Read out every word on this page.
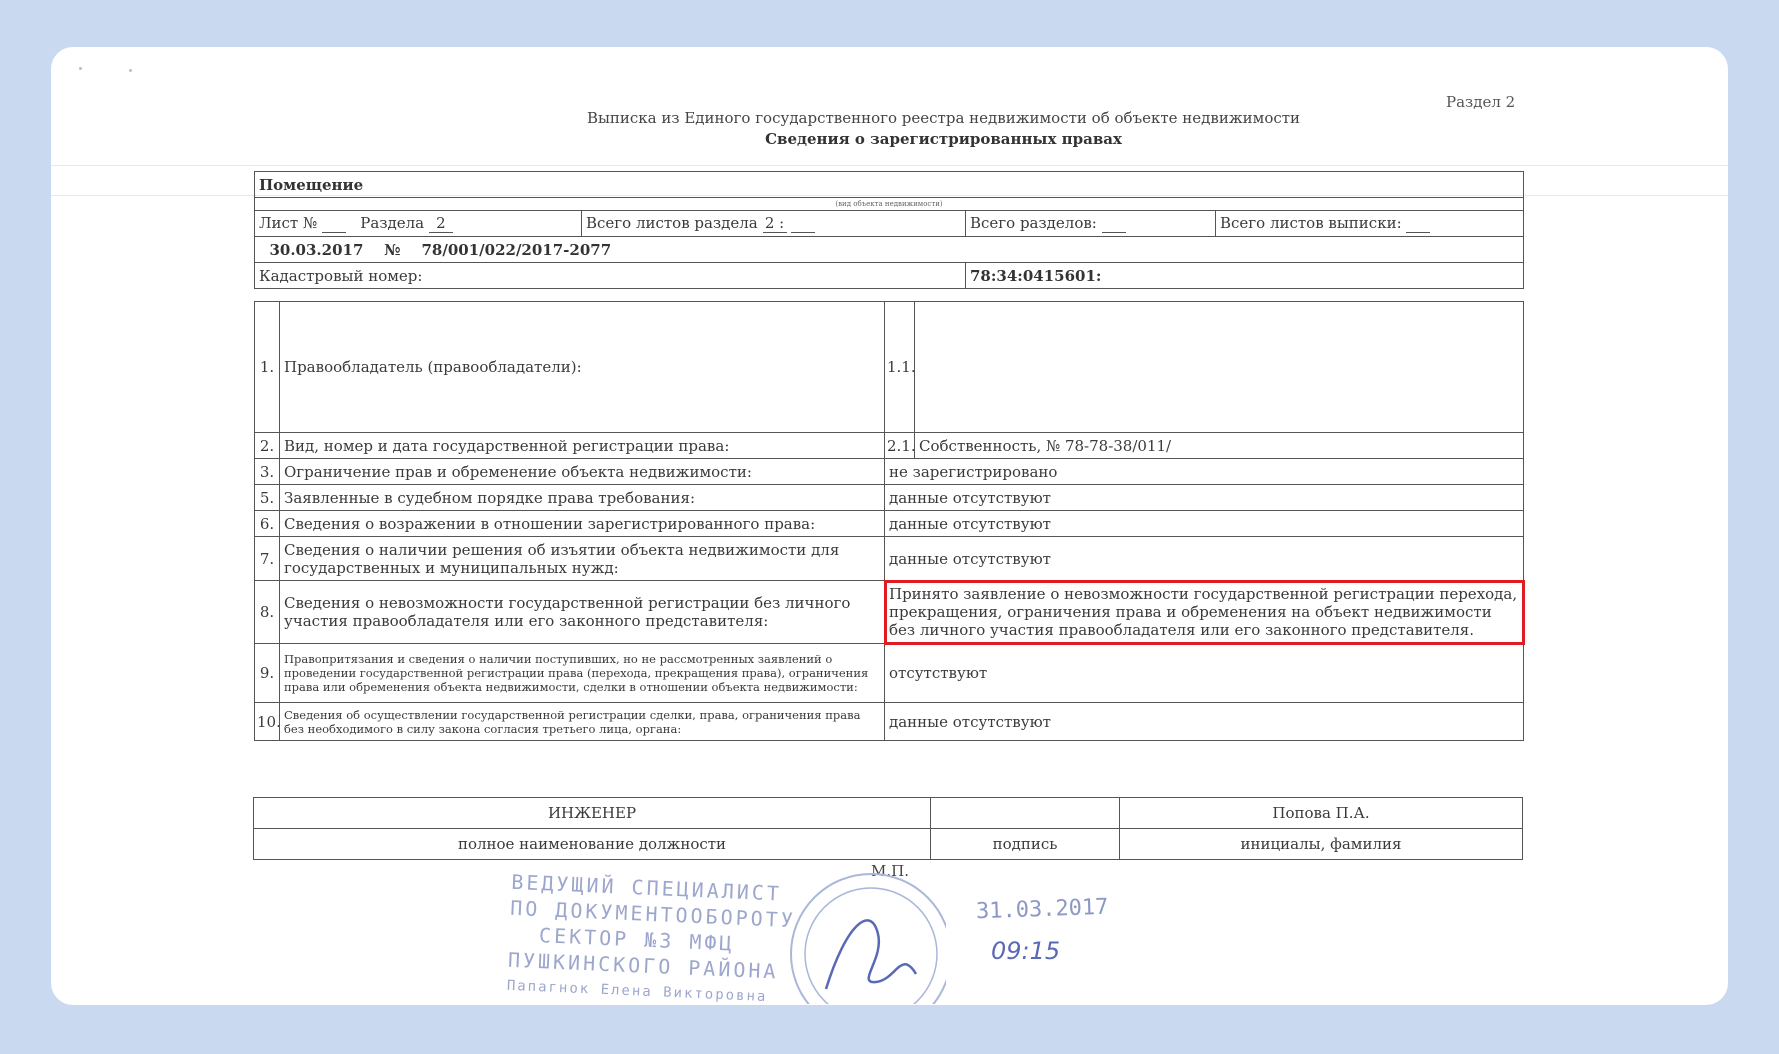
Раздел 2
Выписка из Единого государственного реестра недвижимости об объекте недвижимости
Сведения о зарегистрированных правах
Помещение			
(вид объекта недвижимости)			
Лист № Раздела 2	Всего листов раздела 2 :	Всего разделов:	Всего листов выписки:
30.03.2017 № 78/001/022/2017-2077			
Кадастровый номер:		78:34:0415601:	
1.	Правообладатель (правообладатели):	1.1.	
2.	Вид, номер и дата государственной регистрации права:	2.1.	Собственность, № 78-78-38/011/
3.	Ограничение прав и обременение объекта недвижимости:	не зарегистрировано	
5.	Заявленные в судебном порядке права требования:	данные отсутствуют	
6.	Сведения о возражении в отношении зарегистрированного права:	данные отсутствуют	
7.	Сведения о наличии решения об изъятии объекта недвижимости для государственных и муниципальных нужд:	данные отсутствуют	
8.	Сведения о невозможности государственной регистрации без личного участия правообладателя или его законного представителя:	Принято заявление о невозможности государственной регистрации перехода, прекращения, ограничения права и обременения на объект недвижимости без личного участия правообладателя или его законного представителя.	
9.	Правопритязания и сведения о наличии поступивших, но не рассмотренных заявлений о проведении государственной регистрации права (перехода, прекращения права), ограничения права или обременения объекта недвижимости, сделки в отношении объекта недвижимости:	отсутствуют	
10.	Сведения об осуществлении государственной регистрации сделки, права, ограничения права без необходимого в силу закона согласия третьего лица, органа:	данные отсутствуют	
ИНЖЕНЕР		Попова П.А.
полное наименование должности	подпись	инициалы, фамилия
М.П.
ВЕДУЩИЙ СПЕЦИАЛИСТ
ПО ДОКУМЕНТООБОРОТУ
СЕКТОР №3 МФЦ
ПУШКИНСКОГО РАЙОНА
Папагнок Елена Викторовна
31.03.2017
09:15
